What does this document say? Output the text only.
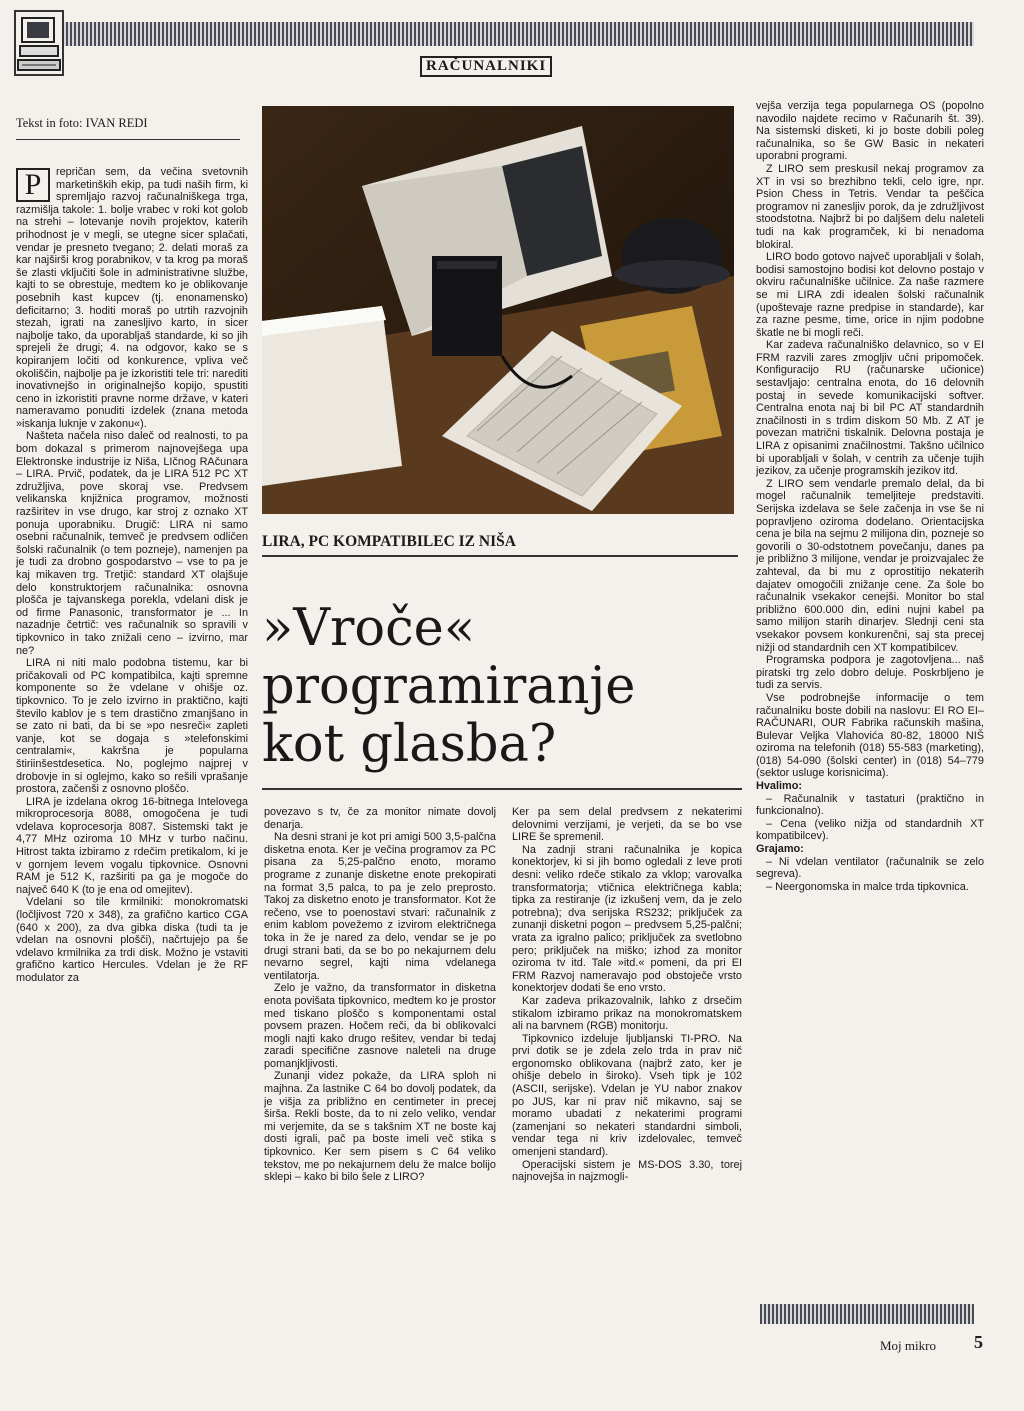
RAČUNALNIKI
Tekst in foto: IVAN REDI
P	repričan sem, da večina svetovnih marketinških ekip, pa tudi naših firm, ki spremljajo razvoj računalniškega trga, razmišlja takole: 1. bolje vrabec v roki kot golob na strehi – lotevanje novih projektov, katerih prihodnost je v megli, se utegne sicer splačati, vendar je presneto tvegano; 2. delati moraš za kar najširši krog porabnikov, v ta krog pa moraš še zlasti vključiti šole in administrativne službe, kajti to se obrestuje, medtem ko je oblikovanje posebnih kast kupcev (tj. enonamensko) deficitarno; 3. hoditi moraš po utrtih razvojnih stezah, igrati na zanesljivo karto, in sicer najbolje tako, da uporabljaš standarde, ki so jih sprejeli že drugi; 4. na odgovor, kako se s kopiranjem ločiti od konkurence, vpliva več okoliščin, najbolje pa je izkoristiti tele tri: narediti inovativnejšo in originalnejšo kopijo, spustiti ceno in izkoristiti pravne norme države, v kateri nameravamo ponuditi izdelek (znana metoda »iskanja luknje v zakonu«).

Našteta načela niso daleč od realnosti, to pa bom dokazal s primerom najnovejšega upa Elektronske industrije iz Niša, LIčnog RAčunara – LIRA. Prvič, podatek, da je LIRA 512 PC XT združljiva, pove skoraj vse. Predvsem velikanska knjižnica programov, možnosti razširitev in vse drugo, kar stroj z oznako XT ponuja uporabniku. Drugič: LIRA ni samo osebni računalnik, temveč je predvsem odličen šolski računalnik (o tem pozneje), namenjen pa je tudi za drobno gospodarstvo – vse to pa je kaj mikaven trg. Tretjič: standard XT olajšuje delo konstruktorjem računalnika: osnovna plošča je tajvanskega porekla, vdelani disk je od firme Panasonic, transformator je ... In nazadnje četrtič: ves računalnik so spravili v tipkovnico in tako znižali ceno – izvirno, mar ne?

LIRA ni niti malo podobna tistemu, kar bi pričakovali od PC kompatibilca, kajti spremne komponente so že vdelane v ohišje oz. tipkovnico. To je zelo izvirno in praktično, kajti število kablov je s tem drastično zmanjšano in se zato ni bati, da bi se »po nesreči« zapleti vanje, kot se dogaja s »telefonskimi centralami«, kakršna je popularna štiriinšestdesetica. No, poglejmo najprej v drobovje in si oglejmo, kako so rešili vprašanje prostora, začenši z osnovno ploščo.

LIRA je izdelana okrog 16-bitnega Intelovega mikroprocesorja 8088, omogočena je tudi vdelava koprocesorja 8087. Sistemski takt je 4,77 MHz oziroma 10 MHz v turbo načinu. Hitrost takta izbiramo z rdečim pretikalom, ki je v gornjem levem vogalu tipkovnice. Osnovni RAM je 512 K, razširiti pa ga je mogoče do največ 640 K (to je ena od omejitev).

Vdelani so tile krmilniki: monokromatski (ločljivost 720 x 348), za grafično kartico CGA (640 x 200), za dva gibka diska (tudi ta je vdelan na osnovni plošči), načrtujejo pa še vdelavo krmilnika za trdi disk. Možno je vstaviti grafično kartico Hercules. Vdelan je že RF modulator za

LIRA, PC KOMPATIBILEC IZ NIŠA
»Vroče«
programiranje
kot glasba?

povezavo s tv, če za monitor nimate dovolj denarja.

Na desni strani je kot pri amigi 500 3,5-palčna disketna enota. Ker je večina programov za PC pisana za 5,25-palčno enoto, moramo programe z zunanje disketne enote prekopirati na format 3,5 palca, to pa je zelo preprosto. Takoj za disketno enoto je transformator. Kot že rečeno, vse to poenostavi stvari: računalnik z enim kablom povežemo z izvirom električnega toka in že je nared za delo, vendar se je po drugi strani bati, da se bo po nekajurnem delu nevarno segrel, kajti nima vdelanega ventilatorja.

Zelo je važno, da transformator in disketna enota povišata tipkovnico, medtem ko je prostor med tiskano ploščo s komponentami ostal povsem prazen. Hočem reči, da bi oblikovalci mogli najti kako drugo rešitev, vendar bi tedaj zaradi specifične zasnove naleteli na druge pomanjkljivosti.

Zunanji videz pokaže, da LIRA sploh ni majhna. Za lastnike C 64 bo dovolj podatek, da je višja za približno en centimeter in precej širša. Rekli boste, da to ni zelo veliko, vendar mi verjemite, da se s takšnim XT ne boste kaj dosti igrali, pač pa boste imeli več stika s tipkovnico. Ker sem pisem s C 64 veliko tekstov, me po nekajurnem delu že malce bolijo sklepi – kako bi bilo šele z LIRO?

Ker pa sem delal predvsem z nekaterimi delovnimi verzijami, je verjeti, da se bo vse LIRE še spremenil.

Na zadnji strani računalnika je kopica konektorjev, ki si jih bomo ogledali z leve proti desni: veliko rdeče stikalo za vklop; varovalka transformatorja; vtičnica električnega kabla; tipka za restiranje (iz izkušenj vem, da je zelo potrebna); dva serijska RS232; priključek za zunanji disketni pogon – predvsem 5,25-palčni; vrata za igralno palico; priključek za svetlobno pero; priključek na miško; izhod za monitor oziroma tv itd. Tale »itd.« pomeni, da pri EI FRM Razvoj nameravajo pod obstoječe vrsto konektorjev dodati še eno vrsto.

Kar zadeva prikazovalnik, lahko z drsečim stikalom izbiramo prikaz na monokromatskem ali na barvnem (RGB) monitorju.

Tipkovnico izdeluje ljubljanski TI-PRO. Na prvi dotik se je zdela zelo trda in prav nič ergonomsko oblikovana (najbrž zato, ker je ohišje debelo in široko). Vseh tipk je 102 (ASCII, serijske). Vdelan je YU nabor znakov po JUS, kar ni prav nič mikavno, saj se moramo ubadati z nekaterimi programi (zamenjani so nekateri standardni simboli, vendar tega ni kriv izdelovalec, temveč omenjeni standard).

Operacijski sistem je MS-DOS 3.30, torej najnovejša in najzmogli-

vejša verzija tega popularnega OS (popolno navodilo najdete recimo v Računarih št. 39). Na sistemski disketi, ki jo boste dobili poleg računalnika, so še GW Basic in nekateri uporabni programi.

Z LIRO sem preskusil nekaj programov za XT in vsi so brezhibno tekli, celo igre, npr. Psion Chess in Tetris. Vendar ta peščica programov ni zanesljiv porok, da je združljivost stoodstotna. Najbrž bi po daljšem delu naleteli tudi na kak programček, ki bi nenadoma blokiral.

LIRO bodo gotovo največ uporabljali v šolah, bodisi samostojno bodisi kot delovno postajo v okviru računalniške učilnice. Za naše razmere se mi LIRA zdi idealen šolski računalnik (upoštevaje razne predpise in standarde), kar za razne pesme, time, orice in njim podobne škatle ne bi mogli reči.

Kar zadeva računalniško delavnico, so v EI FRM razvili zares zmogljiv učni pripomoček. Konfiguracijo RU (računarske učionice) sestavljajo: centralna enota, do 16 delovnih postaj in sevede komunikacijski softver. Centralna enota naj bi bil PC AT standardnih značilnosti in s trdim diskom 50 Mb. Z AT je povezan matrični tiskalnik. Delovna postaja je LIRA z opisanimi značilnostmi. Takšno učilnico bi uporabljali v šolah, v centrih za učenje tujih jezikov, za učenje programskih jezikov itd.

Z LIRO sem vendarle premalo delal, da bi mogel računalnik temeljiteje predstaviti. Serijska izdelava se šele začenja in vse še ni popravljeno oziroma dodelano. Orientacijska cena je bila na sejmu 2 milijona din, pozneje so govorili o 30-odstotnem povečanju, danes pa je približno 3 milijone, vendar je proizvajalec že zahteval, da bi mu z oprostitijo nekaterih dajatev omogočili znižanje cene. Za šole bo računalnik vsekakor cenejši. Monitor bo stal približno 600.000 din, edini nujni kabel pa samo milijon starih dinarjev. Slednji ceni sta vsekakor povsem konkurenčni, saj sta precej nižji od standardnih cen XT kompatibilcev.

Programska podpora je zagotovljena... naš piratski trg zelo dobro deluje. Poskrbljeno je tudi za servis.

Vse podrobnejše informacije o tem računalniku boste dobili na naslovu: EI RO EI–RAČUNARI, OUR Fabrika računskih mašina, Bulevar Veljka Vlahovića 80-82, 18000 NIŠ oziroma na telefonih (018) 55-583 (marketing), (018) 54-090 (šolski center) in (018) 54–779 (sektor usluge korisnicima).

Hvalimo:

– Računalnik v tastaturi (praktično in funkcionalno).

– Cena (veliko nižja od standardnih XT kompatibilcev).

Grajamo:

– Ni vdelan ventilator (računalnik se zelo segreva).

– Neergonomska in malce trda tipkovnica.

Moj mikro 5
